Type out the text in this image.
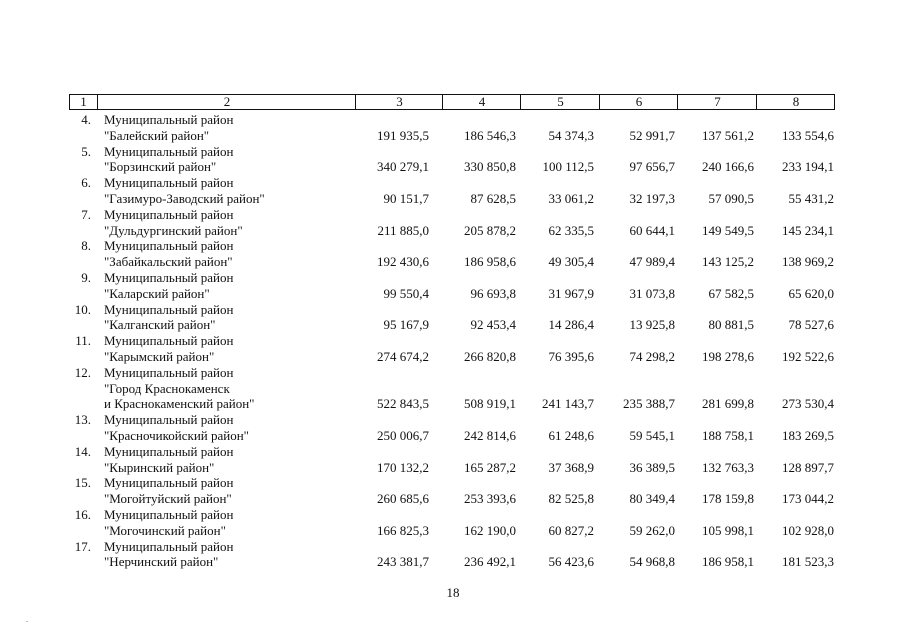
1	2	3	4	5	6	7	8
4. Муниципальный район
"Балейский район"	191 935,5	186 546,3	54 374,3	52 991,7	137 561,2	133 554,6
5. Муниципальный район
"Борзинский район"	340 279,1	330 850,8	100 112,5	97 656,7	240 166,6	233 194,1
6. Муниципальный район
"Газимуро-Заводский район"	90 151,7	87 628,5	33 061,2	32 197,3	57 090,5	55 431,2
7. Муниципальный район
"Дульдургинский район"	211 885,0	205 878,2	62 335,5	60 644,1	149 549,5	145 234,1
8. Муниципальный район
"Забайкальский район"	192 430,6	186 958,6	49 305,4	47 989,4	143 125,2	138 969,2
9. Муниципальный район
"Каларский район"	99 550,4	96 693,8	31 967,9	31 073,8	67 582,5	65 620,0
10. Муниципальный район
"Калганский район"	95 167,9	92 453,4	14 286,4	13 925,8	80 881,5	78 527,6
11. Муниципальный район
"Карымский район"	274 674,2	266 820,8	76 395,6	74 298,2	198 278,6	192 522,6
12. Муниципальный район
"Город Краснокаменск
и Краснокаменский район"	522 843,5	508 919,1	241 143,7	235 388,7	281 699,8	273 530,4
13. Муниципальный район
"Красночикойский район"	250 006,7	242 814,6	61 248,6	59 545,1	188 758,1	183 269,5
14. Муниципальный район
"Кыринский район"	170 132,2	165 287,2	37 368,9	36 389,5	132 763,3	128 897,7
15. Муниципальный район
"Могойтуйский район"	260 685,6	253 393,6	82 525,8	80 349,4	178 159,8	173 044,2
16. Муниципальный район
"Могочинский район"	166 825,3	162 190,0	60 827,2	59 262,0	105 998,1	102 928,0
17. Муниципальный район
"Нерчинский район"	243 381,7	236 492,1	56 423,6	54 968,8	186 958,1	181 523,3
18
